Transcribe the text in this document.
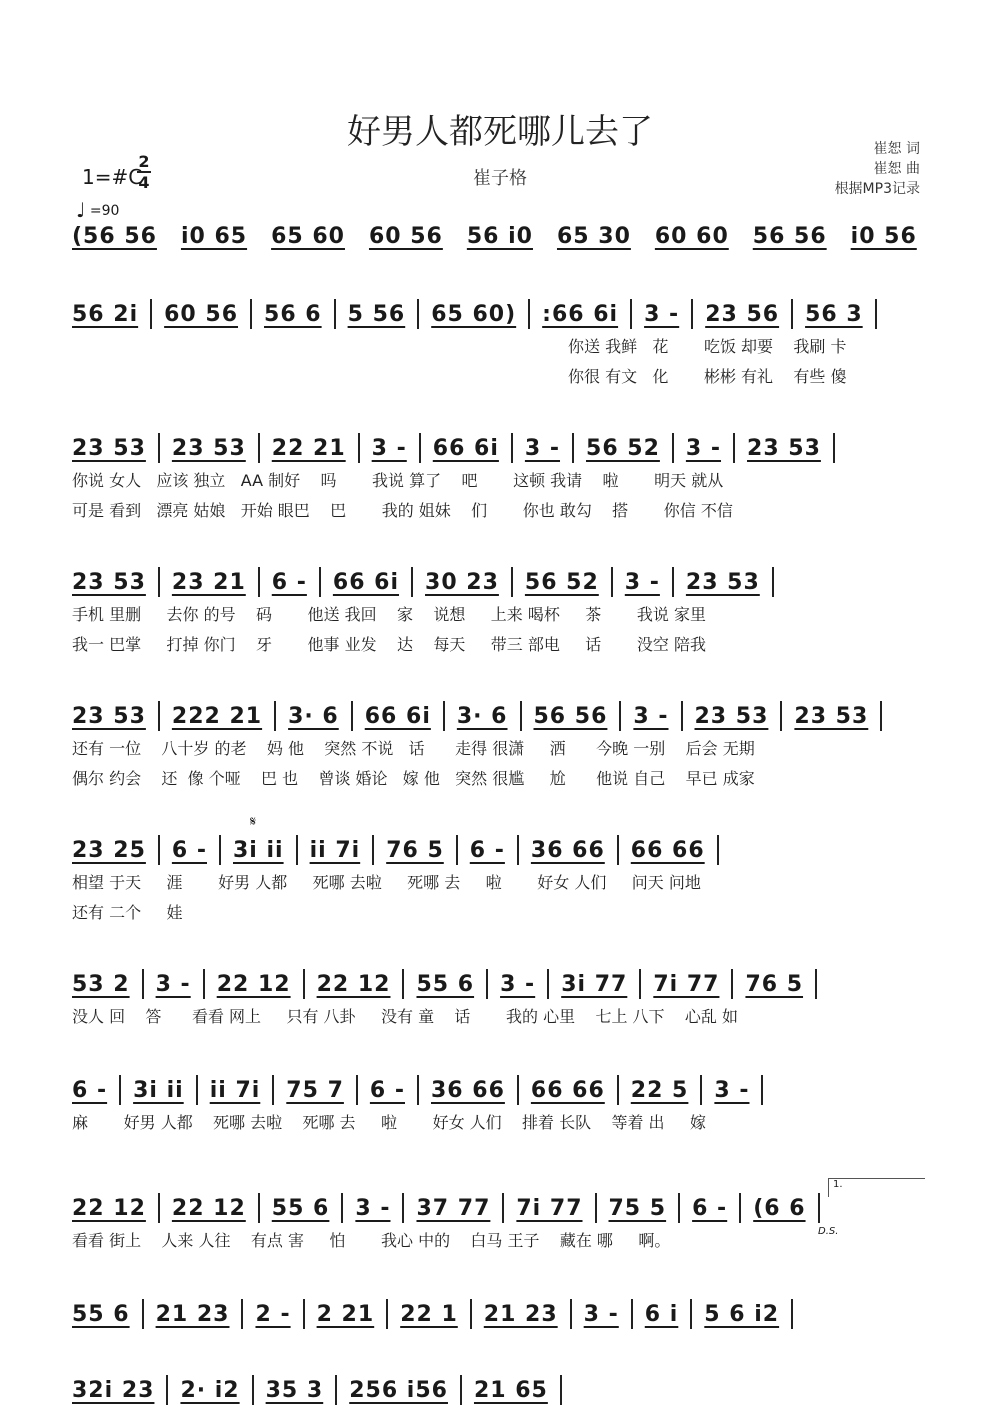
好男人都死哪儿去了
崔子格
崔恕 词
崔恕 曲
根据MP3记录
1=#C
2
4
♩ =90
𝄋
1.
D.S.
(56 56 i0 65 65 60 60 56 56 i0 65 30 60 60 56 56 i0 56
56 2i 60 56 56 6 5 56 65 60) :66 6i 3 - 23 56 56 3
你送 我鲜   花       吃饭 却要    我刷 卡
你很 有文   化       彬彬 有礼    有些 傻
23 53 23 53 22 21 3 - 66 6i 3 - 56 52 3 - 23 53
你说 女人   应该 独立   AA 制好    吗       我说 算了    吧       这顿 我请    啦       明天 就从
可是 看到   漂亮 姑娘   开始 眼巴    巴       我的 姐妹    们       你也 敢勾    搭       你信 不信
23 53 23 21 6 - 66 6i 30 23 56 52 3 - 23 53
手机 里删     去你 的号    码       他送 我回    家    说想     上来 喝杯     茶       我说 家里
我一 巴掌     打掉 你门    牙       他事 业发    达    每天     带三 部电     话       没空 陪我
23 53 222 21 3· 6 66 6i 3· 6 56 56 3 - 23 53 23 53
还有 一位    八十岁 的老    妈 他    突然 不说   话      走得 很潇     洒      今晚 一别    后会 无期
偶尔 约会    还  像 个哑    巴 也    曾谈 婚论   嫁 他   突然 很尴     尬      他说 自己    早已 成家
23 25 6 - 3i ii ii 7i 76 5 6 - 36 66 66 66
相望 于天     涯       好男 人都     死哪 去啦     死哪 去     啦       好女 人们     问天 问地
还有 二个     娃
53 2 3 - 22 12 22 12 55 6 3 - 3i 77 7i 77 76 5
没人 回    答      看看 网上     只有 八卦     没有 童    话       我的 心里    七上 八下    心乱 如
6 - 3i ii ii 7i 75 7 6 - 36 66 66 66 22 5 3 -
麻       好男 人都    死哪 去啦    死哪 去     啦       好女 人们    排着 长队    等着 出     嫁
22 12 22 12 55 6 3 - 37 77 7i 77 75 5 6 - (6 6
看看 街上    人来 人往    有点 害     怕       我心 中的    白马 王子    藏在 哪     啊。
55 6 21 23 2 - 2 21 22 1 21 23 3 - 6 i 5 6 i2
32i 23 2· i2 35 3 256 i56 21 65
